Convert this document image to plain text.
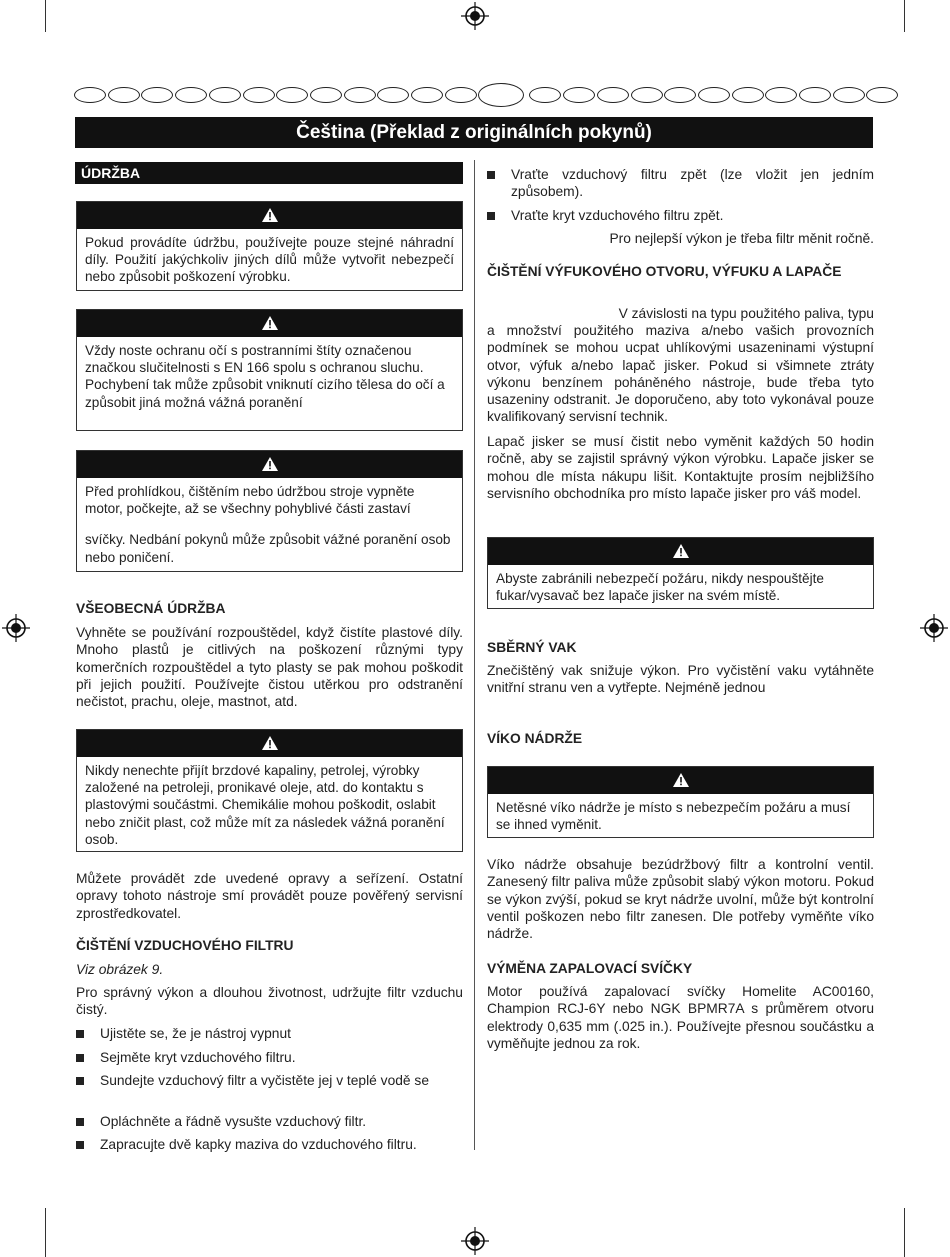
Čeština (Překlad z originálních pokynů)
ÚDRŽBA
Pokud provádíte údržbu, používejte pouze stejné náhradní díly. Použití jakýchkoliv jiných dílů může vytvořit nebezpečí nebo způsobit poškození výrobku.
Vždy noste ochranu očí s postranními štíty označenou značkou slučitelnosti s EN 166 spolu s ochranou sluchu. Pochybení tak může způsobit vniknutí cizího tělesa do očí a způsobit jiná možná vážná poranění

Před prohlídkou, čištěním nebo údržbou stroje vypněte motor, počkejte, až se všechny pohyblivé části zastaví

svíčky. Nedbání pokynů může způsobit vážné poranění osob nebo poničení.

VŠEOBECNÁ ÚDRŽBA
Vyhněte se používání rozpouštědel, když čistíte plastové díly. Mnoho plastů je citlivých na poškození různými typy komerčních rozpouštědel a tyto plasty se pak mohou poškodit při jejich použití. Používejte čistou utěrkou pro odstranění nečistot, prachu, oleje, mastnot, atd.
Nikdy nenechte přijít brzdové kapaliny, petrolej, výrobky založené na petroleji, pronikavé oleje, atd. do kontaktu s plastovými součástmi. Chemikálie mohou poškodit, oslabit nebo zničit plast, což může mít za následek vážná poranění osob.
Můžete provádět zde uvedené opravy a seřízení. Ostatní opravy tohoto nástroje smí provádět pouze pověřený servisní zprostředkovatel.
ČIŠTĚNÍ VZDUCHOVÉHO FILTRU
Viz obrázek 9.
Pro správný výkon a dlouhou životnost, udržujte filtr vzduchu čistý.
Ujistěte se, že je nástroj vypnut
Sejměte kryt vzduchového filtru.
Sundejte vzduchový filtr a vyčistěte jej v teplé vodě se
Opláchněte a řádně vysušte vzduchový filtr.
Zapracujte dvě kapky maziva do vzduchového filtru.
Vraťte vzduchový filtru zpět (lze vložit jen jedním způsobem).
Vraťte kryt vzduchového filtru zpět.
Pro nejlepší výkon je třeba filtr měnit ročně.
ČIŠTĚNÍ VÝFUKOVÉHO OTVORU, VÝFUKU A LAPAČE
V závislosti na typu použitého paliva, typu
a množství použitého maziva a/nebo vašich provozních podmínek se mohou ucpat uhlíkovými usazeninami výstupní otvor, výfuk a/nebo lapač jisker. Pokud si všimnete ztráty výkonu benzínem poháněného nástroje, bude třeba tyto usazeniny odstranit. Je doporučeno, aby toto vykonával pouze kvalifikovaný servisní technik.
Lapač jisker se musí čistit nebo vyměnit každých 50 hodin ročně, aby se zajistil správný výkon výrobku. Lapače jisker se mohou dle místa nákupu lišit. Kontaktujte prosím nejbližšího servisního obchodníka pro místo lapače jisker pro váš model.
Abyste zabránili nebezpečí požáru, nikdy nespouštějte fukar/vysavač bez lapače jisker na svém místě.
SBĚRNÝ VAK
Znečištěný vak snižuje výkon. Pro vyčistění vaku vytáhněte vnitřní stranu ven a vytřepte. Nejméně jednou
VÍKO NÁDRŽE
Netěsné víko nádrže je místo s nebezpečím požáru a musí se ihned vyměnit.
Víko nádrže obsahuje bezúdržbový filtr a kontrolní ventil. Zanesený filtr paliva může způsobit slabý výkon motoru. Pokud se výkon zvýší, pokud se kryt nádrže uvolní, může být kontrolní ventil poškozen nebo filtr zanesen. Dle potřeby vyměňte víko nádrže.
VÝMĚNA ZAPALOVACÍ SVÍČKY
Motor používá zapalovací svíčky Homelite AC00160, Champion RCJ-6Y nebo NGK BPMR7A s průměrem otvoru elektrody 0,635 mm (.025 in.). Používejte přesnou součástku a vyměňujte jednou za rok.
